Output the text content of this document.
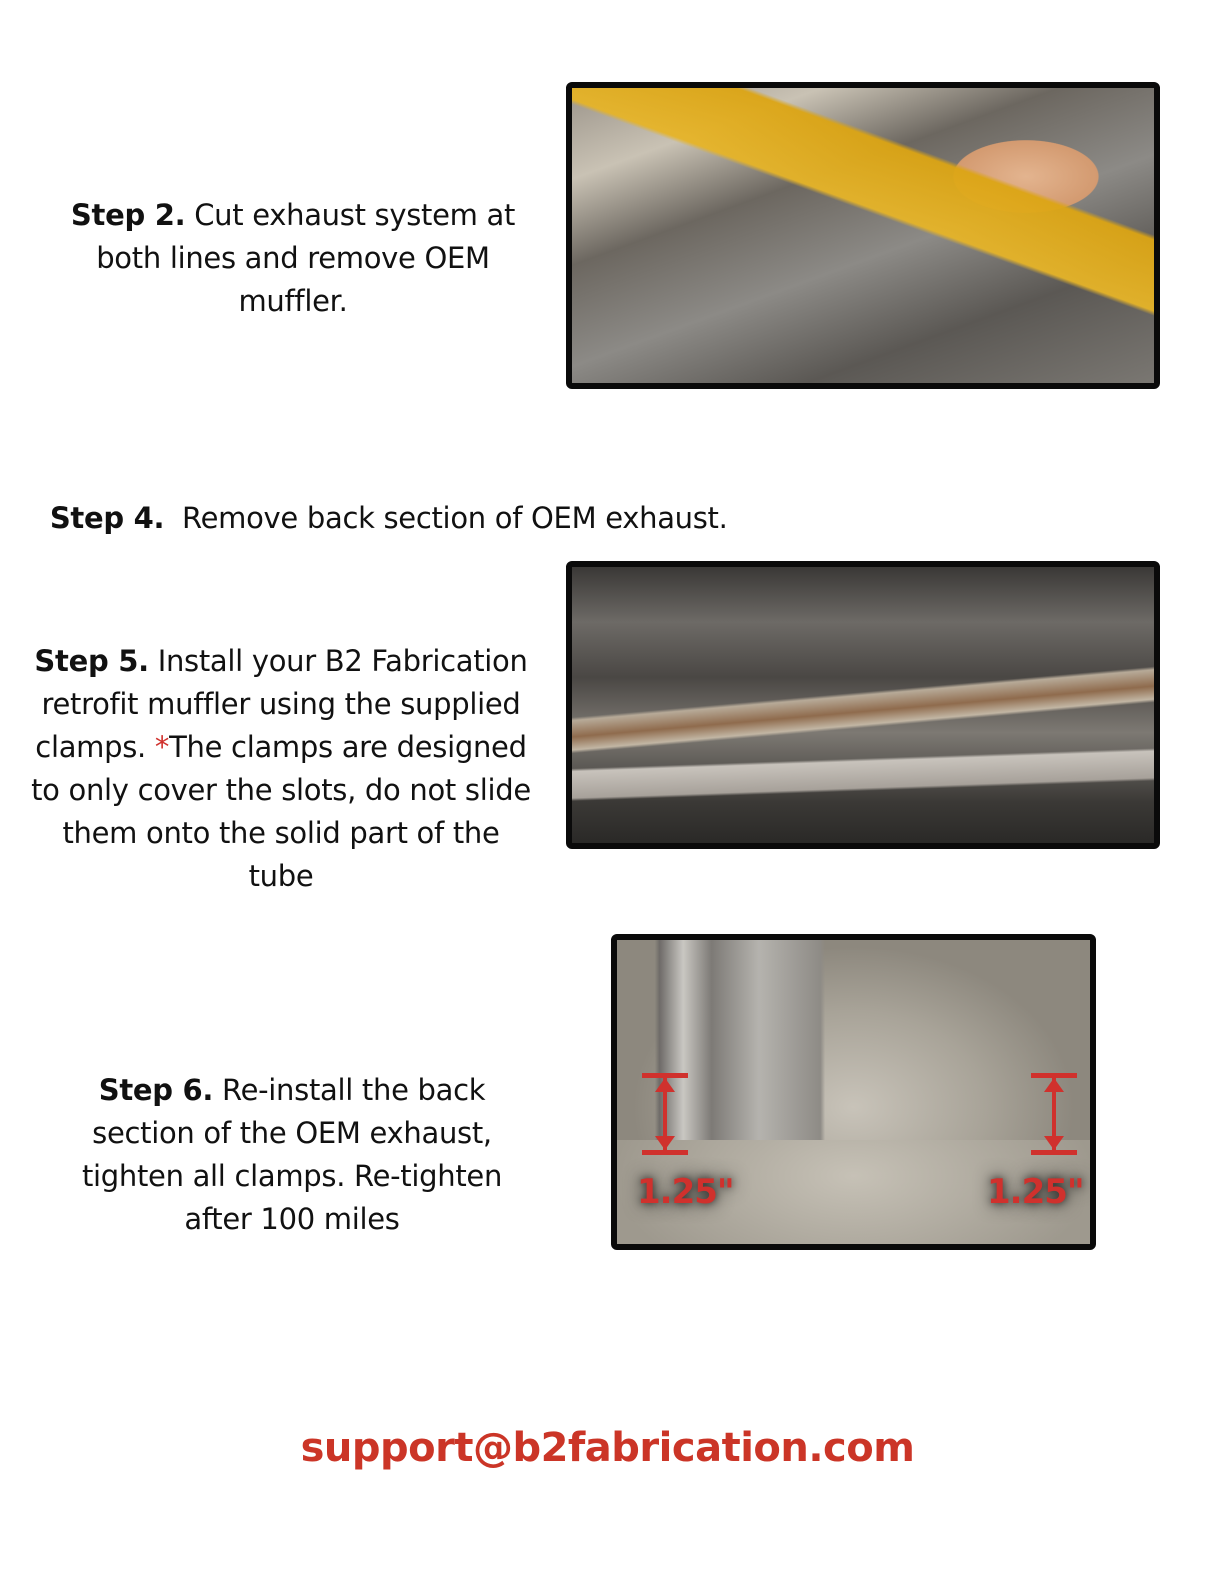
Step 2. Cut exhaust system at both lines and remove OEM muffler.

Step 4.  Remove back section of OEM exhaust.

Step 5. Install your B2 Fabrication retrofit muffler using the supplied clamps. *The clamps are designed to only cover the slots, do not slide them onto the solid part of the tube
Step 6. Re-install the back section of the OEM exhaust, tighten all clamps. Re-tighten after 100 miles
1.25"	1.25"
support@b2fabrication.com
